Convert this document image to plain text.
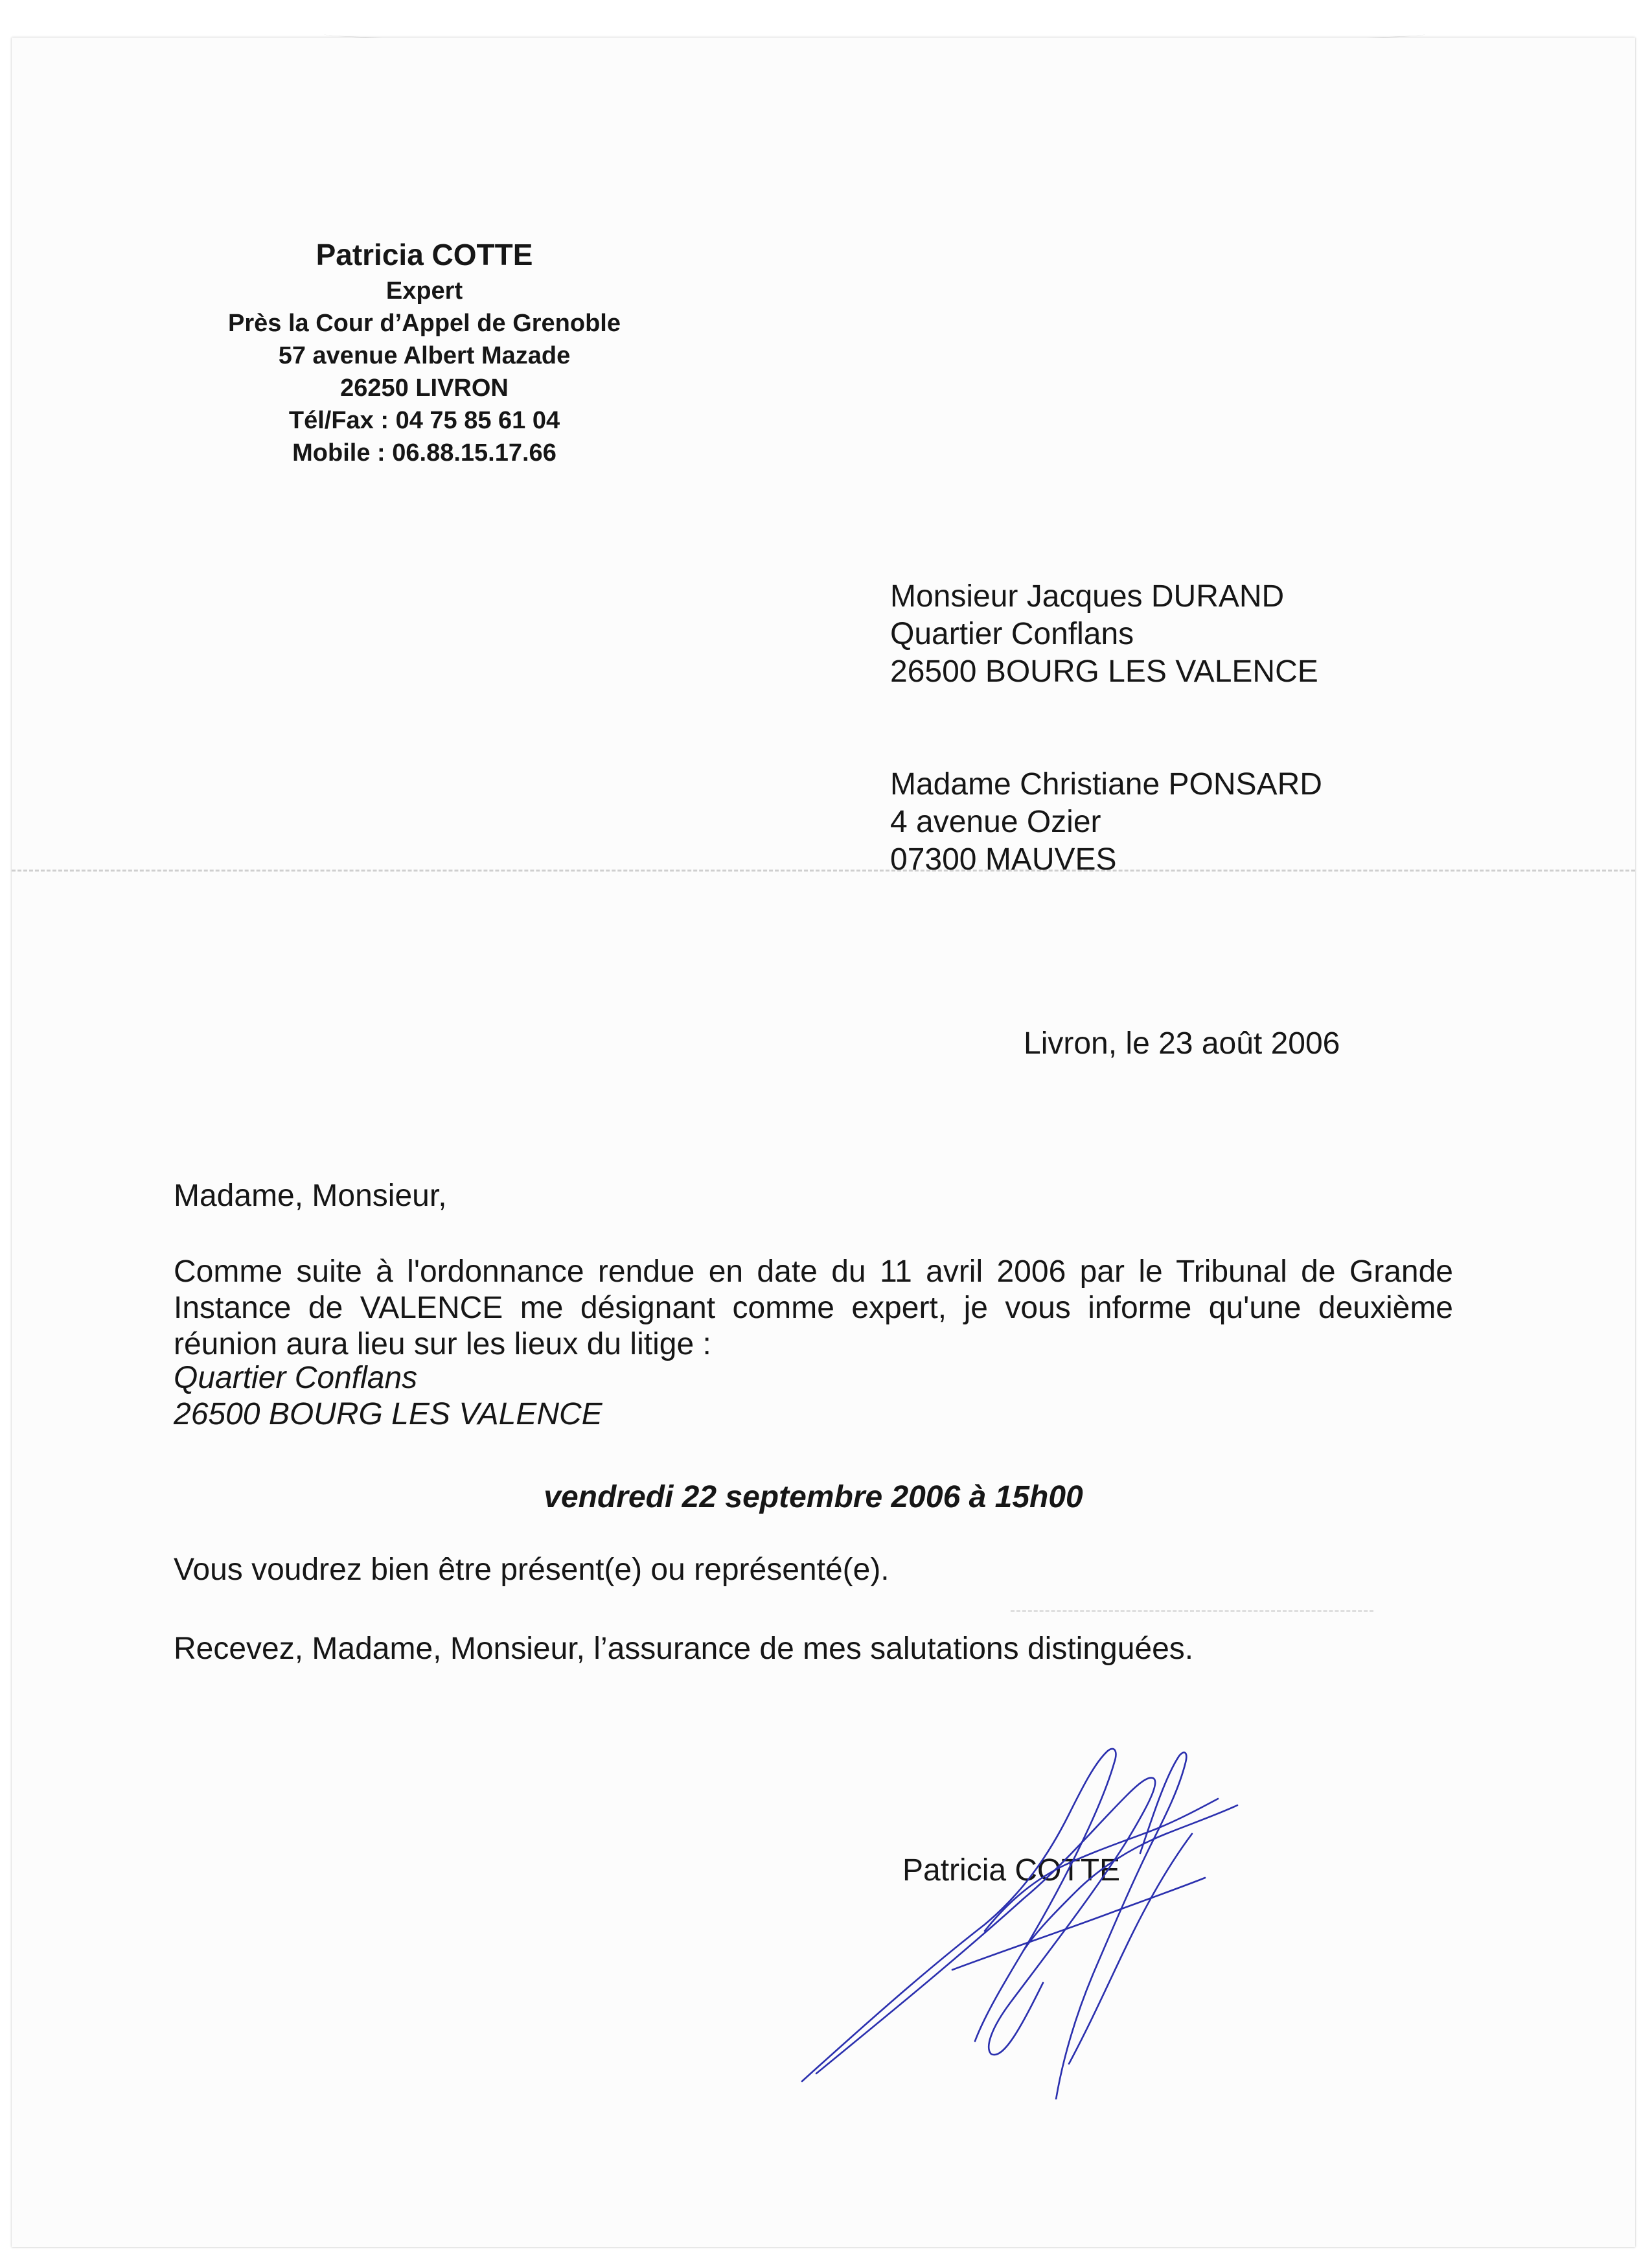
Patricia COTTE
Expert
Près la Cour d’Appel de Grenoble
57 avenue Albert Mazade
26250 LIVRON
Tél/Fax : 04 75 85 61 04
Mobile : 06.88.15.17.66
Monsieur Jacques DURAND
Quartier Conflans
26500 BOURG LES VALENCE
Madame Christiane PONSARD
4 avenue Ozier
07300 MAUVES
Livron, le 23 août 2006
Madame, Monsieur,
Comme suite à l'ordonnance rendue en date du 11 avril 2006 par le Tribunal de Grande
Instance de VALENCE me désignant comme expert, je vous informe qu'une deuxième
réunion aura lieu sur les lieux du litige :
Quartier Conflans
26500 BOURG LES VALENCE
vendredi 22 septembre 2006 à 15h00
Vous voudrez bien être présent(e) ou représenté(e).
Recevez, Madame, Monsieur, l’assurance de mes salutations distinguées.
Patricia COTTE
